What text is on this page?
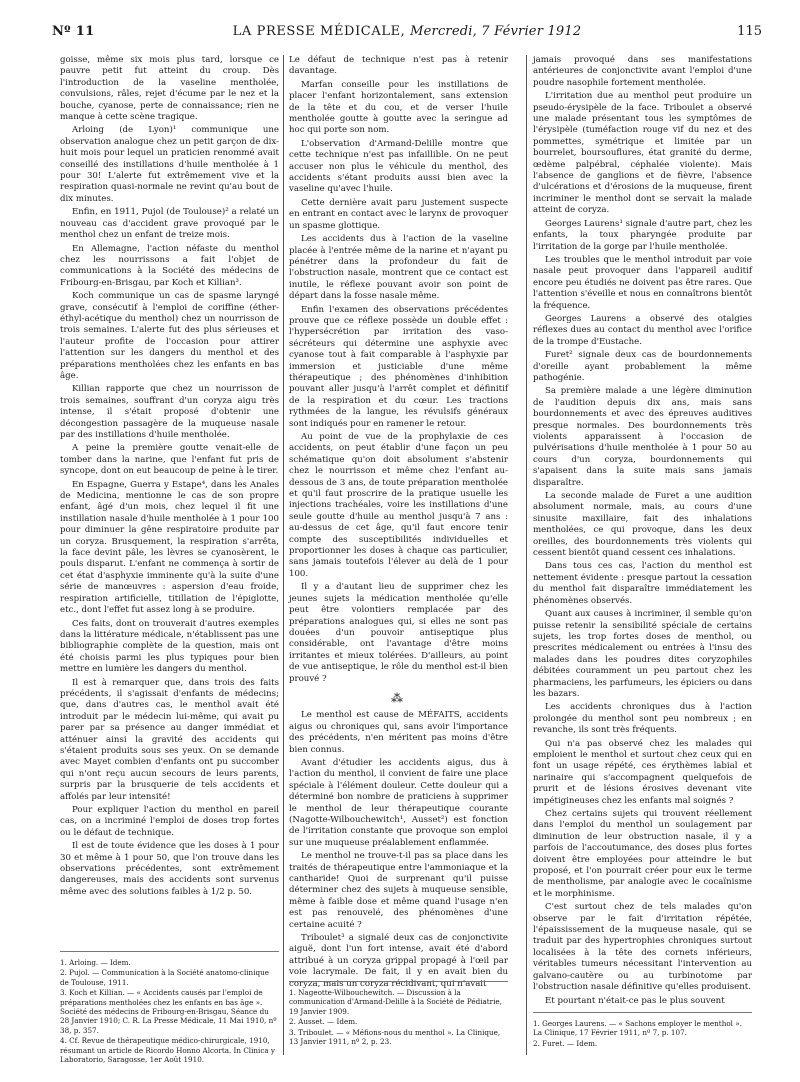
Nº 11	LA PRESSE MÉDICALE, Mercredi, 7 Février 1912	115

goisse, même six mois plus tard, lorsque ce pauvre petit fut atteint du croup. Dès l'introduction de la vaseline mentholée, convulsions, râles, rejet d'écume par le nez et la bouche, cyanose, perte de connaissance; rien ne manque à cette scène tragique.

Arloing (de Lyon)¹ communique une observation analogue chez un petit garçon de dix-huit mois pour lequel un praticien renommé avait conseillé des instillations d'huile mentholée à 1 pour 30! L'alerte fut extrêmement vive et la respiration quasi-normale ne revint qu'au bout de dix minutes.

Enfin, en 1911, Pujol (de Toulouse)² a relaté un nouveau cas d'accident grave provoqué par le menthol chez un enfant de treize mois.

En Allemagne, l'action néfaste du menthol chez les nourrissons a fait l'objet de communications à la Société des médecins de Fribourg-en-Brisgau, par Koch et Killian³.

Koch communique un cas de spasme laryngé grave, consécutif à l'emploi de coriffine (éther-éthyl-acétique du menthol) chez un nourrisson de trois semaines. L'alerte fut des plus sérieuses et l'auteur profite de l'occasion pour attirer l'attention sur les dangers du menthol et des préparations mentholées chez les enfants en bas âge.

Killian rapporte que chez un nourrisson de trois semaines, souffrant d'un coryza aigu très intense, il s'était proposé d'obtenir une décongestion passagère de la muqueuse nasale par des instillations d'huile mentholée.

A peine la première goutte venait-elle de tomber dans la narine, que l'enfant fut pris de syncope, dont on eut beaucoup de peine à le tirer.

En Espagne, Guerra y Estape⁴, dans les Anales de Medicina, mentionne le cas de son propre enfant, âgé d'un mois, chez lequel il fit une instillation nasale d'huile mentholée à 1 pour 100 pour diminuer la gêne respiratoire produite par un coryza. Brusquement, la respiration s'arrêta, la face devint pâle, les lèvres se cyanosèrent, le pouls disparut. L'enfant ne commença à sortir de cet état d'asphyxie imminente qu'à la suite d'une série de manœuvres : aspersion d'eau froide, respiration artificielle, titillation de l'épiglotte, etc., dont l'effet fut assez long à se produire.

Ces faits, dont on trouverait d'autres exemples dans la littérature médicale, n'établissent pas une bibliographie complète de la question, mais ont été choisis parmi les plus typiques pour bien mettre en lumière les dangers du menthol.

Il est à remarquer que, dans trois des faits précédents, il s'agissait d'enfants de médecins; que, dans d'autres cas, le menthol avait été introduit par le médecin lui-même, qui avait pu parer par sa présence au danger immédiat et atténuer ainsi la gravité des accidents qui s'étaient produits sous ses yeux. On se demande avec Mayet combien d'enfants ont pu succomber qui n'ont reçu aucun secours de leurs parents, surpris par la brusquerie de tels accidents et affolés par leur intensité!

Pour expliquer l'action du menthol en pareil cas, on a incriminé l'emploi de doses trop fortes ou le défaut de technique.

Il est de toute évidence que les doses à 1 pour 30 et même à 1 pour 50, que l'on trouve dans les observations précédentes, sont extrêmement dangereuses, mais des accidents sont survenus même avec des solutions faibles à 1/2 p. 50.

Le défaut de technique n'est pas à retenir davantage.

Marfan conseille pour les instillations de placer l'enfant horizontalement, sans extension de la tête et du cou, et de verser l'huile mentholée goutte à goutte avec la seringue ad hoc qui porte son nom.

L'observation d'Armand-Delille montre que cette technique n'est pas infaillible. On ne peut accuser non plus le véhicule du menthol, des accidents s'étant produits aussi bien avec la vaseline qu'avec l'huile.

Cette dernière avait paru justement suspecte en entrant en contact avec le larynx de provoquer un spasme glottique.

Les accidents dus à l'action de la vaseline placée à l'entrée même de la narine et n'ayant pu pénétrer dans la profondeur du fait de l'obstruction nasale, montrent que ce contact est inutile, le réflexe pouvant avoir son point de départ dans la fosse nasale même.

Enfin l'examen des observations précédentes prouve que ce réflexe possède un double effet : l'hypersécrétion par irritation des vaso-sécréteurs qui détermine une asphyxie avec cyanose tout à fait comparable à l'asphyxie par immersion et justiciable d'une même thérapeutique ; des phénomènes d'inhibition pouvant aller jusqu'à l'arrêt complet et définitif de la respiration et du cœur. Les tractions rythmées de la langue, les révulsifs généraux sont indiqués pour en ramener le retour.

Au point de vue de la prophylaxie de ces accidents, on peut établir d'une façon un peu schématique qu'on doit absolument s'abstenir chez le nourrisson et même chez l'enfant au-dessous de 3 ans, de toute préparation mentholée et qu'il faut proscrire de la pratique usuelle les injections trachéales, voire les instillations d'une seule goutte d'huile au menthol jusqu'à 7 ans : au-dessus de cet âge, qu'il faut encore tenir compte des susceptibilités individuelles et proportionner les doses à chaque cas particulier, sans jamais toutefois l'élever au delà de 1 pour 100.

Il y a d'autant lieu de supprimer chez les jeunes sujets la médication mentholée qu'elle peut être volontiers remplacée par des préparations analogues qui, si elles ne sont pas douées d'un pouvoir antiseptique plus considérable, ont l'avantage d'être moins irritantes et mieux tolérées. D'ailleurs, au point de vue antiseptique, le rôle du menthol est-il bien prouvé ?

⁂

Le menthol est cause de MÉFAITS, accidents aigus ou chroniques qui, sans avoir l'importance des précédents, n'en méritent pas moins d'être bien connus.

Avant d'étudier les accidents aigus, dus à l'action du menthol, il convient de faire une place spéciale à l'élément douleur. Cette douleur qui a déterminé bon nombre de praticiens à supprimer le menthol de leur thérapeutique courante (Nagotte-Wilbouchewitch¹, Ausset²) est fonction de l'irritation constante que provoque son emploi sur une muqueuse préalablement enflammée.

Le menthol ne trouve-t-il pas sa place dans les traités de thérapeutique entre l'ammoniaque et la cantharide! Quoi de surprenant qu'il puisse déterminer chez des sujets à muqueuse sensible, même à faible dose et même quand l'usage n'en est pas renouvelé, des phénomènes d'une certaine acuité ?

Triboulet³ a signalé deux cas de conjonctivite aiguë, dont l'un fort intense, avait été d'abord attribué à un coryza grippal propagé à l'œil par voie lacrymale. De fait, il y en avait bien du coryza, mais un coryza récidivant, qui n'avait

jamais provoqué dans ses manifestations antérieures de conjonctivite avant l'emploi d'une poudre nasophile fortement mentholée.

L'irritation due au menthol peut produire un pseudo-érysipèle de la face. Triboulet a observé une malade présentant tous les symptômes de l'érysipèle (tuméfaction rouge vif du nez et des pommettes, symétrique et limitée par un bourrelet, boursouflures, état granité du derme, œdème palpébral, céphalée violente). Mais l'absence de ganglions et de fièvre, l'absence d'ulcérations et d'érosions de la muqueuse, firent incriminer le menthol dont se servait la malade atteint de coryza.

Georges Laurens¹ signale d'autre part, chez les enfants, la toux pharyngée produite par l'irritation de la gorge par l'huile mentholée.

Les troubles que le menthol introduit par voie nasale peut provoquer dans l'appareil auditif encore peu étudiés ne doivent pas être rares. Que l'attention s'éveille et nous en connaîtrons bientôt la fréquence.

Georges Laurens a observé des otalgies réflexes dues au contact du menthol avec l'orifice de la trompe d'Eustache.

Furet² signale deux cas de bourdonnements d'oreille ayant probablement la même pathogénie.

Sa première malade a une légère diminution de l'audition depuis dix ans, mais sans bourdonnements et avec des épreuves auditives presque normales. Des bourdonnements très violents apparaissent à l'occasion de pulvérisations d'huile mentholée à 1 pour 50 au cours d'un coryza, bourdonnements qui s'apaisent dans la suite mais sans jamais disparaître.

La seconde malade de Furet a une audition absolument normale, mais, au cours d'une sinusite maxillaire, fait des inhalations mentholées, ce qui provoque, dans les deux oreilles, des bourdonnements très violents qui cessent bientôt quand cessent ces inhalations.

Dans tous ces cas, l'action du menthol est nettement évidente : presque partout la cessation du menthol fait disparaître immédiatement les phénomènes observés.

Quant aux causes à incriminer, il semble qu'on puisse retenir la sensibilité spéciale de certains sujets, les trop fortes doses de menthol, ou prescrites médicalement ou entrées à l'insu des malades dans les poudres dites coryzophiles débitées couramment un peu partout chez les pharmaciens, les parfumeurs, les épiciers ou dans les bazars.

Les accidents chroniques dus à l'action prolongée du menthol sont peu nombreux ; en revanche, ils sont très fréquents.

Qui n'a pas observé chez les malades qui emploient le menthol et surtout chez ceux qui en font un usage répété, ces érythèmes labial et narinaire qui s'accompagnent quelquefois de prurit et de lésions érosives devenant vite impétigineuses chez les enfants mal soignés ?

Chez certains sujets qui trouvent réellement dans l'emploi du menthol un soulagement par diminution de leur obstruction nasale, il y a parfois de l'accoutumance, des doses plus fortes doivent être employées pour atteindre le but proposé, et l'on pourrait créer pour eux le terme de mentholisme, par analogie avec le cocaïnisme et le morphinisme.

C'est surtout chez de tels malades qu'on observe par le fait d'irritation répétée, l'épaississement de la muqueuse nasale, qui se traduit par des hypertrophies chroniques surtout localisées à la tête des cornets inférieurs, véritables tumeurs nécessitant l'intervention au galvano-cautère ou au turbinotome par l'obstruction nasale définitive qu'elles produisent.

Et pourtant n'était-ce pas le plus souvent

1. Arloing. — Idem.
2. Pujol. — Communication à la Société anatomo-clinique de Toulouse, 1911.
3. Koch et Killian. — « Accidents causés par l'emploi de préparations mentholées chez les enfants en bas âge ». Société des médecins de Fribourg-en-Brisgau, Séance du 28 Janvier 1910; C. R. La Presse Médicale, 11 Mai 1910, nº 38, p. 357.
4. Cf. Revue de thérapeutique médico-chirurgicale, 1910, résumant un article de Ricordo Honno Alcorta. In Clinica y Laboratorio, Saragosse, 1er Août 1910.
1. Nageotte-Wilbouchewitch. — Discussion à la communication d'Armand-Delille à la Société de Pédiatrie, 19 Janvier 1909.
2. Ausset. — Idem.
3. Triboulet. — « Méfions-nous du menthol ». La Clinique, 13 Janvier 1911, nº 2, p. 23.
1. Georges Laurens. — « Sachons employer le menthol ». La Clinique, 17 Février 1911, nº 7, p. 107.
2. Furet. — Idem.
